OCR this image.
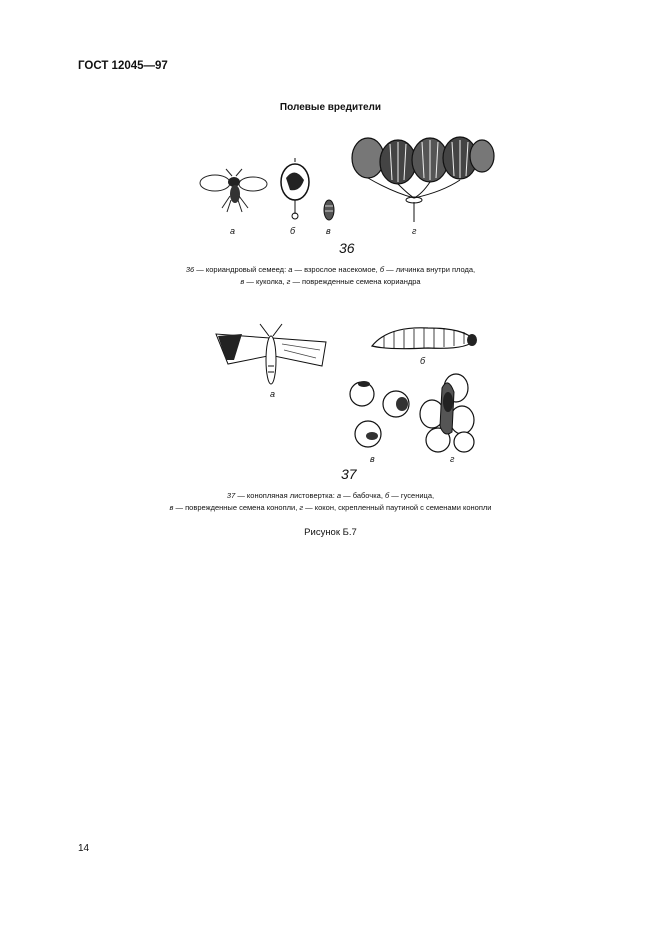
ГОСТ 12045—97
Полевые вредители
а	б	в	г
36
36 — кориандровый семеед: а — взрослое насекомое, б — личинка внутри плода,
в — куколка, г — поврежденные семена кориандра
а
б
в	г
37
37 — конопляная листовертка: а — бабочка, б — гусеница,
в — поврежденные семена конопли, г — кокон, скрепленный паутиной с семенами конопли
Рисунок Б.7
14
